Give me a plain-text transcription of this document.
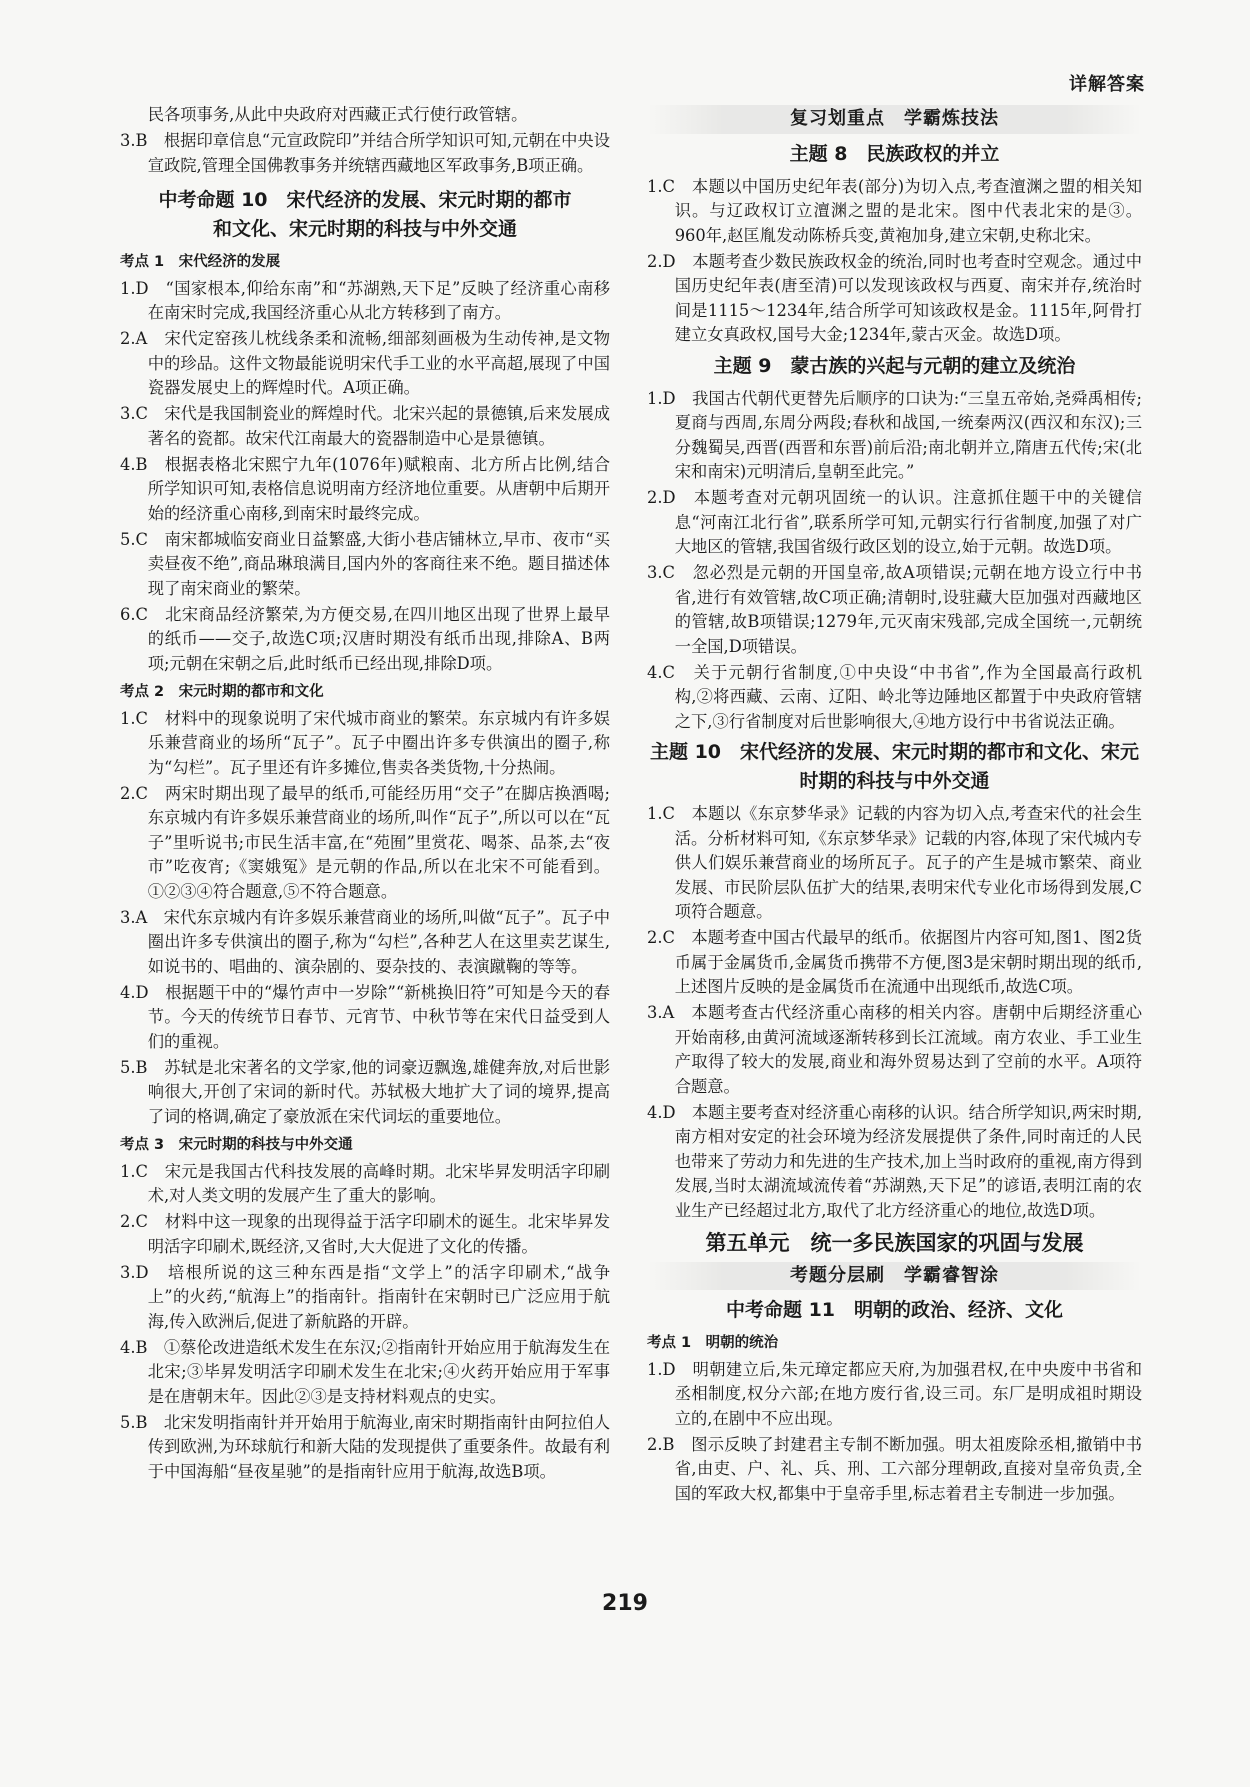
详解答案

民各项事务,从此中央政府对西藏正式行使行政管辖。

3.B　根据印章信息“元宣政院印”并结合所学知识可知,元朝在中央设宣政院,管理全国佛教事务并统辖西藏地区军政事务,B项正确。

中考命题 10　宋代经济的发展、宋元时期的都市
和文化、宋元时期的科技与中外交通
考点 1　宋代经济的发展

1.D　“国家根本,仰给东南”和“苏湖熟,天下足”反映了经济重心南移在南宋时完成,我国经济重心从北方转移到了南方。

2.A　宋代定窑孩儿枕线条柔和流畅,细部刻画极为生动传神,是文物中的珍品。这件文物最能说明宋代手工业的水平高超,展现了中国瓷器发展史上的辉煌时代。A项正确。

3.C　宋代是我国制瓷业的辉煌时代。北宋兴起的景德镇,后来发展成著名的瓷都。故宋代江南最大的瓷器制造中心是景德镇。

4.B　根据表格北宋熙宁九年(1076年)赋粮南、北方所占比例,结合所学知识可知,表格信息说明南方经济地位重要。从唐朝中后期开始的经济重心南移,到南宋时最终完成。

5.C　南宋都城临安商业日益繁盛,大街小巷店铺林立,早市、夜市“买卖昼夜不绝”,商品琳琅满目,国内外的客商往来不绝。题目描述体现了南宋商业的繁荣。

6.C　北宋商品经济繁荣,为方便交易,在四川地区出现了世界上最早的纸币——交子,故选C项;汉唐时期没有纸币出现,排除A、B两项;元朝在宋朝之后,此时纸币已经出现,排除D项。

考点 2　宋元时期的都市和文化

1.C　材料中的现象说明了宋代城市商业的繁荣。东京城内有许多娱乐兼营商业的场所“瓦子”。瓦子中圈出许多专供演出的圈子,称为“勾栏”。瓦子里还有许多摊位,售卖各类货物,十分热闹。

2.C　两宋时期出现了最早的纸币,可能经历用“交子”在脚店换酒喝;东京城内有许多娱乐兼营商业的场所,叫作“瓦子”,所以可以在“瓦子”里听说书;市民生活丰富,在“苑囿”里赏花、喝茶、品茶,去“夜市”吃夜宵;《窦娥冤》是元朝的作品,所以在北宋不可能看到。①②③④符合题意,⑤不符合题意。

3.A　宋代东京城内有许多娱乐兼营商业的场所,叫做“瓦子”。瓦子中圈出许多专供演出的圈子,称为“勾栏”,各种艺人在这里卖艺谋生,如说书的、唱曲的、演杂剧的、耍杂技的、表演蹴鞠的等等。

4.D　根据题干中的“爆竹声中一岁除”“新桃换旧符”可知是今天的春节。今天的传统节日春节、元宵节、中秋节等在宋代日益受到人们的重视。

5.B　苏轼是北宋著名的文学家,他的词豪迈飘逸,雄健奔放,对后世影响很大,开创了宋词的新时代。苏轼极大地扩大了词的境界,提高了词的格调,确定了豪放派在宋代词坛的重要地位。

考点 3　宋元时期的科技与中外交通

1.C　宋元是我国古代科技发展的高峰时期。北宋毕昇发明活字印刷术,对人类文明的发展产生了重大的影响。

2.C　材料中这一现象的出现得益于活字印刷术的诞生。北宋毕昇发明活字印刷术,既经济,又省时,大大促进了文化的传播。

3.D　培根所说的这三种东西是指“文学上”的活字印刷术,“战争上”的火药,“航海上”的指南针。指南针在宋朝时已广泛应用于航海,传入欧洲后,促进了新航路的开辟。

4.B　①蔡伦改进造纸术发生在东汉;②指南针开始应用于航海发生在北宋;③毕昇发明活字印刷术发生在北宋;④火药开始应用于军事是在唐朝末年。因此②③是支持材料观点的史实。

5.B　北宋发明指南针并开始用于航海业,南宋时期指南针由阿拉伯人传到欧洲,为环球航行和新大陆的发现提供了重要条件。故最有利于中国海船“昼夜星驰”的是指南针应用于航海,故选B项。

复习划重点　学霸炼技法
主题 8　民族政权的并立

1.C　本题以中国历史纪年表(部分)为切入点,考查澶渊之盟的相关知识。与辽政权订立澶渊之盟的是北宋。图中代表北宋的是③。960年,赵匡胤发动陈桥兵变,黄袍加身,建立宋朝,史称北宋。

2.D　本题考查少数民族政权金的统治,同时也考查时空观念。通过中国历史纪年表(唐至清)可以发现该政权与西夏、南宋并存,统治时间是1115～1234年,结合所学可知该政权是金。1115年,阿骨打建立女真政权,国号大金;1234年,蒙古灭金。故选D项。

主题 9　蒙古族的兴起与元朝的建立及统治

1.D　我国古代朝代更替先后顺序的口诀为:“三皇五帝始,尧舜禹相传;夏商与西周,东周分两段;春秋和战国,一统秦两汉(西汉和东汉);三分魏蜀吴,西晋(西晋和东晋)前后沿;南北朝并立,隋唐五代传;宋(北宋和南宋)元明清后,皇朝至此完。”

2.D　本题考查对元朝巩固统一的认识。注意抓住题干中的关键信息“河南江北行省”,联系所学可知,元朝实行行省制度,加强了对广大地区的管辖,我国省级行政区划的设立,始于元朝。故选D项。

3.C　忽必烈是元朝的开国皇帝,故A项错误;元朝在地方设立行中书省,进行有效管辖,故C项正确;清朝时,设驻藏大臣加强对西藏地区的管辖,故B项错误;1279年,元灭南宋残部,完成全国统一,元朝统一全国,D项错误。

4.C　关于元朝行省制度,①中央设“中书省”,作为全国最高行政机构,②将西藏、云南、辽阳、岭北等边陲地区都置于中央政府管辖之下,③行省制度对后世影响很大,④地方设行中书省说法正确。

主题 10　宋代经济的发展、宋元时期的都市和文化、宋元时期的科技与中外交通

1.C　本题以《东京梦华录》记载的内容为切入点,考查宋代的社会生活。分析材料可知,《东京梦华录》记载的内容,体现了宋代城内专供人们娱乐兼营商业的场所瓦子。瓦子的产生是城市繁荣、商业发展、市民阶层队伍扩大的结果,表明宋代专业化市场得到发展,C项符合题意。

2.C　本题考查中国古代最早的纸币。依据图片内容可知,图1、图2货币属于金属货币,金属货币携带不方便,图3是宋朝时期出现的纸币,上述图片反映的是金属货币在流通中出现纸币,故选C项。

3.A　本题考查古代经济重心南移的相关内容。唐朝中后期经济重心开始南移,由黄河流域逐渐转移到长江流域。南方农业、手工业生产取得了较大的发展,商业和海外贸易达到了空前的水平。A项符合题意。

4.D　本题主要考查对经济重心南移的认识。结合所学知识,两宋时期,南方相对安定的社会环境为经济发展提供了条件,同时南迁的人民也带来了劳动力和先进的生产技术,加上当时政府的重视,南方得到发展,当时太湖流域流传着“苏湖熟,天下足”的谚语,表明江南的农业生产已经超过北方,取代了北方经济重心的地位,故选D项。

第五单元　统一多民族国家的巩固与发展
考题分层刷　学霸睿智涂
中考命题 11　明朝的政治、经济、文化
考点 1　明朝的统治

1.D　明朝建立后,朱元璋定都应天府,为加强君权,在中央废中书省和丞相制度,权分六部;在地方废行省,设三司。东厂是明成祖时期设立的,在剧中不应出现。

2.B　图示反映了封建君主专制不断加强。明太祖废除丞相,撤销中书省,由吏、户、礼、兵、刑、工六部分理朝政,直接对皇帝负责,全国的军政大权,都集中于皇帝手里,标志着君主专制进一步加强。

219
